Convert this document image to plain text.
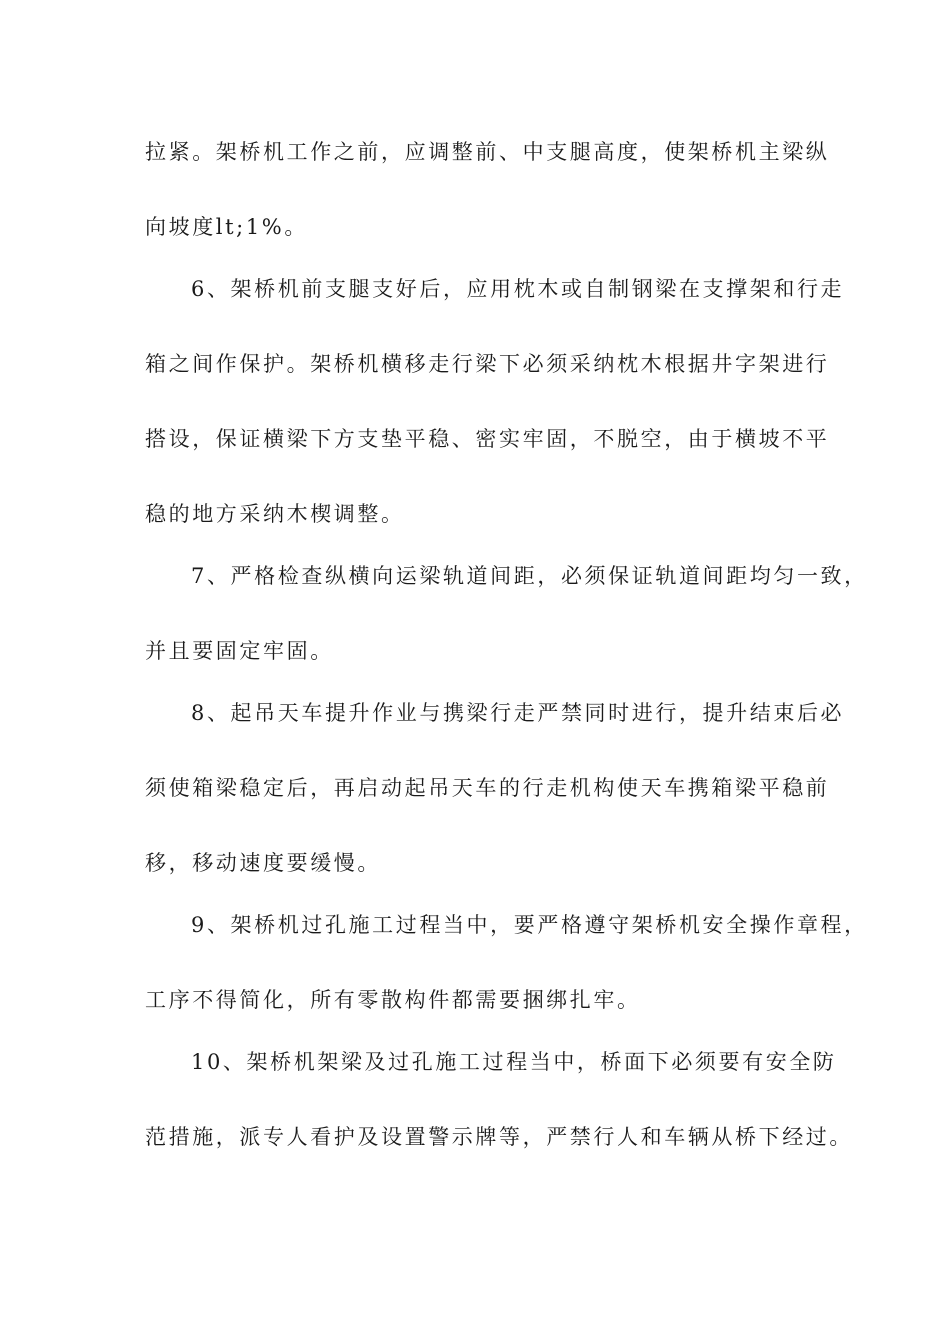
拉紧。架桥机工作之前，应调整前、中支腿高度，使架桥机主梁纵
向坡度lt;1%。
6、架桥机前支腿支好后，应用枕木或自制钢梁在支撑架和行走
箱之间作保护。架桥机横移走行梁下必须采纳枕木根据井字架进行
搭设，保证横梁下方支垫平稳、密实牢固，不脱空，由于横坡不平
稳的地方采纳木楔调整。
7、严格检查纵横向运梁轨道间距，必须保证轨道间距均匀一致，
并且要固定牢固。
8、起吊天车提升作业与携梁行走严禁同时进行，提升结束后必
须使箱梁稳定后，再启动起吊天车的行走机构使天车携箱梁平稳前
移，移动速度要缓慢。
9、架桥机过孔施工过程当中，要严格遵守架桥机安全操作章程，
工序不得简化，所有零散构件都需要捆绑扎牢。
10、架桥机架梁及过孔施工过程当中，桥面下必须要有安全防
范措施，派专人看护及设置警示牌等，严禁行人和车辆从桥下经过。
